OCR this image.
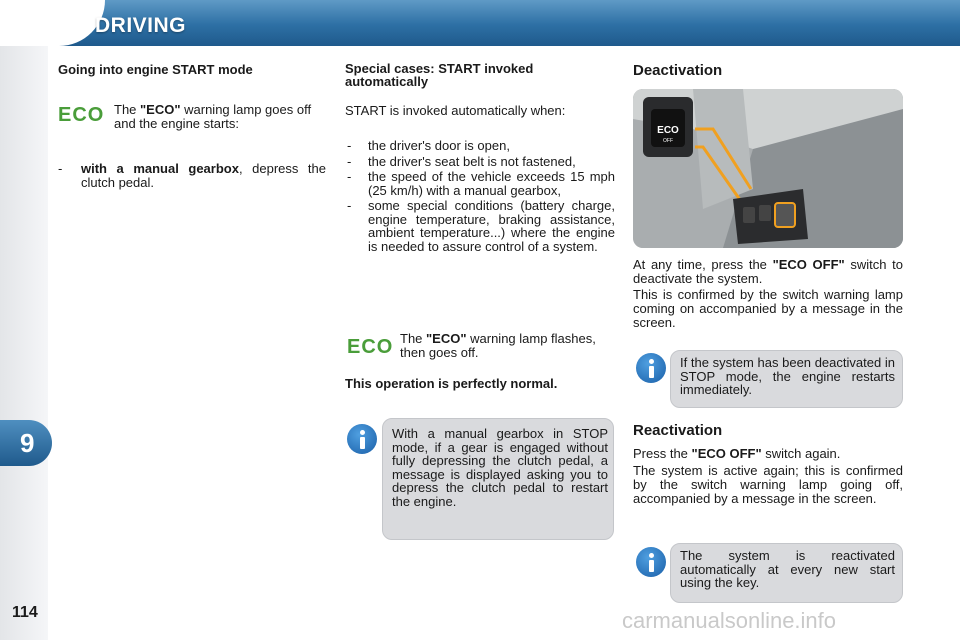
DRIVING
9
114
Going into engine START mode
ECO The "ECO" warning lamp goes off and the engine starts:
- with a manual gearbox, depress the clutch pedal.
Special cases: START invoked
automatically
START is invoked automatically when:
- the driver's door is open,
- the driver's seat belt is not fastened,
- the speed of the vehicle exceeds 15 mph (25 km/h) with a manual gearbox,
- some special conditions (battery charge, engine temperature, braking assistance, ambient temperature...) where the engine is needed to assure control of a system.
ECO The "ECO" warning lamp flashes, then goes off.
This operation is perfectly normal.
With a manual gearbox in STOP mode, if a gear is engaged without fully depressing the clutch pedal, a message is displayed asking you to depress the clutch pedal to restart the engine.
Deactivation
ECO
OFF
At any time, press the "ECO OFF" switch to deactivate the system.
This is confirmed by the switch warning lamp coming on accompanied by a message in the screen.
If the system has been deactivated in STOP mode, the engine restarts immediately.
Reactivation
Press the "ECO OFF" switch again.
The system is active again; this is confirmed by the switch warning lamp going off, accompanied by a message in the screen.
The system is reactivated automatically at every new start using the key.
carmanualsonline.info
